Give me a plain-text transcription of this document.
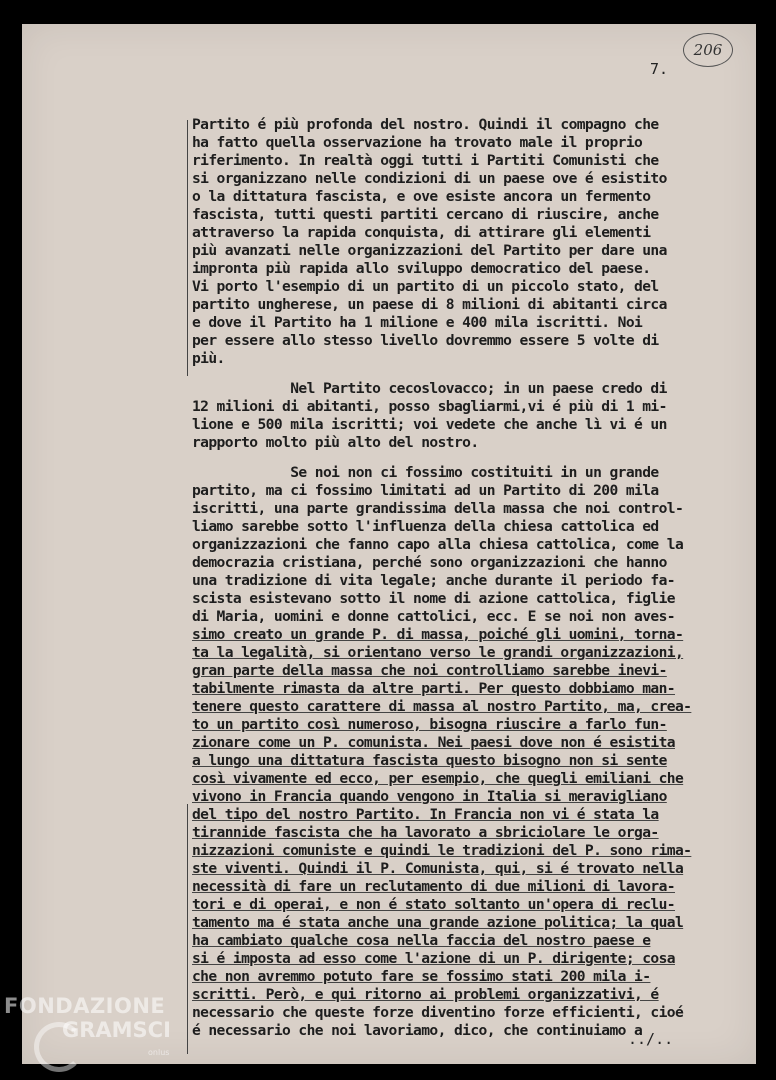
206
7.

Partito é più profonda del nostro. Quindi il compagno che

ha fatto quella osservazione ha trovato male il proprio

riferimento. In realtà oggi tutti i Partiti Comunisti che

si organizzano nelle condizioni di un paese ove é esistito

o la dittatura fascista, e ove esiste ancora un fermento

fascista, tutti questi partiti cercano di riuscire, anche

attraverso la rapida conquista, di attirare gli elementi

più avanzati nelle organizzazioni del Partito per dare una

impronta più rapida allo sviluppo democratico del paese.

Vi porto l'esempio di un partito di un piccolo stato, del

partito ungherese, un paese di 8 milioni di abitanti circa

e dove il Partito ha 1 milione e 400 mila iscritti. Noi

per essere allo stesso livello dovremmo essere 5 volte di

più.

Nel Partito cecoslovacco; in un paese credo di

12 milioni di abitanti, posso sbagliarmi,vi é più di 1 mi-

lione e 500 mila iscritti; voi vedete che anche lì vi é un

rapporto molto più alto del nostro.

Se noi non ci fossimo costituiti in un grande

partito, ma ci fossimo limitati ad un Partito di 200 mila

iscritti, una parte grandissima della massa che noi control-

liamo sarebbe sotto l'influenza della chiesa cattolica ed

organizzazioni che fanno capo alla chiesa cattolica, come la

democrazia cristiana, perché sono organizzazioni che hanno

una tradizione di vita legale; anche durante il periodo fa-

scista esistevano sotto il nome di azione cattolica, figlie

di Maria, uomini e donne cattolici, ecc. E se noi non aves-

simo creato un grande P. di massa, poiché gli uomini, torna-

ta la legalità, si orientano verso le grandi organizzazioni,

gran parte della massa che noi controlliamo sarebbe inevi-

tabilmente rimasta da altre parti. Per questo dobbiamo man-

tenere questo carattere di massa al nostro Partito, ma, crea-

to un partito così numeroso, bisogna riuscire a farlo fun-

zionare come un P. comunista. Nei paesi dove non é esistita

a lungo una dittatura fascista questo bisogno non si sente

così vivamente ed ecco, per esempio, che quegli emiliani che

vivono in Francia quando vengono in Italia si meravigliano

del tipo del nostro Partito. In Francia non vi é stata la

tirannide fascista che ha lavorato a sbriciolare le orga-

nizzazioni comuniste e quindi le tradizioni del P. sono rima-

ste viventi. Quindi il P. Comunista, qui, si é trovato nella

necessità di fare un reclutamento di due milioni di lavora-

tori e di operai, e non é stato soltanto un'opera di reclu-

tamento ma é stata anche una grande azione politica; la qual

ha cambiato qualche cosa nella faccia del nostro paese e

si é imposta ad esso come l'azione di un P. dirigente; cosa

che non avremmo potuto fare se fossimo stati 200 mila i-

scritti. Però, e qui ritorno ai problemi organizzativi, é

necessario che queste forze diventino forze efficienti, cioé

é necessario che noi lavoriamo, dico, che continuiamo a

../..
FONDAZIONE
GRAMSCI
onlus
